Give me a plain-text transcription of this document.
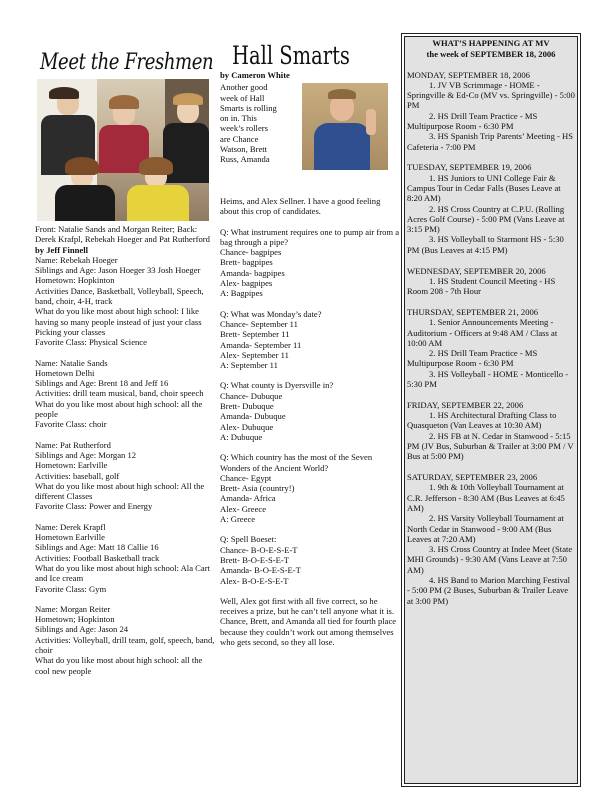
Meet the Freshmen

Front: Natalie Sands and Morgan Reiter; Back: Derek Krafpl, Rebekah Hoeger and Pat Rutherford

by Jeff Finnell

Name: Rebekah Hoeger

Siblings and Age: Jason Hoeger 33 Josh Hoeger

Hometown: Hopkinton

Activities Dance, Basketball, Volleyball, Speech, band, choir, 4-H, track

What do you like most about high school: I like having so many people instead of just your class

Picking your classes

Favorite Class: Physical Science

Name: Natalie Sands

Hometown Delhi

Siblings and Age: Brent 18 and Jeff 16

Activities: drill team musical, band, choir speech

What do you like most about high school: all the people

Favorite Class: choir

Name: Pat Rutherford

Siblings and Age: Morgan 12

Hometown: Earlville

Activities: baseball, golf

What do you like most about high school: All the different Classes

Favorite Class: Power and Energy

Name: Derek Krapfl

Hometown Earlville

Siblings and Age: Matt 18 Callie 16

Activities: Football Basketball track

What do you like most about high school: Ala Cart and Ice cream

Favorite Class: Gym

Name: Morgan Reiter

Hometown; Hopkinton

Siblings and Age: Jason 24

Activities: Volleyball, drill team, golf, speech, band, choir

What do you like most about high school: all the cool new people

Hall Smarts

by Cameron White

Another good

week of Hall

Smarts is rolling

on in. This

week’s rollers

are Chance

Watson, Brett

Russ, Amanda

Heims, and Alex Sellner. I have a good feeling about this crop of candidates.

Q: What instrument requires one to pump air from a bag through a pipe?

Chance- bagpipes

Brett- bagpipes

Amanda- bagpipes

Alex- bagpipes

A: Bagpipes

Q: What was Monday’s date?

Chance- September 11

Brett- September 11

Amanda- September 11

Alex- September 11

A: September 11

Q: What county is Dyersville in?

Chance- Dubuque

Brett- Dubuque

Amanda- Dubuque

Alex- Dubuque

A: Dubuque

Q: Which country has the most of the Seven Wonders of the Ancient World?

Chance- Egypt

Brett- Asia (country!)

Amanda- Africa

Alex- Greece

A: Greece

Q: Spell Boeset:

Chance- B-O-E-S-E-T

Brett- B-O-E-S-E-T

Amanda- B-O-E-S-E-T

Alex- B-O-E-S-E-T

Well, Alex got first with all five correct, so he receives a prize, but he can’t tell anyone what it is. Chance, Brett, and Amanda all tied for fourth place because they couldn’t work out among themselves who gets second, so they all lose.

WHAT’S HAPPENING AT MV
the week of SEPTEMBER 18, 2006

MONDAY, SEPTEMBER 18, 2006

1. JV VB Scrimmage - HOME - Springville & Ed-Co (MV vs. Springville) - 5:00 PM

2. HS Drill Team Practice - MS Multipurpose Room - 6:30 PM

3. HS Spanish Trip Parents’ Meeting - HS Cafeteria - 7:00 PM

TUESDAY, SEPTEMBER 19, 2006

1. HS Juniors to UNI College Fair & Campus Tour in Cedar Falls (Buses Leave at 8:20 AM)

2. HS Cross Country at C.P.U. (Rolling Acres Golf Course) - 5:00 PM (Vans Leave at 3:15 PM)

3. HS Volleyball to Starmont HS - 5:30 PM (Bus Leaves at 4:15 PM)

WEDNESDAY, SEPTEMBER 20, 2006

1. HS Student Council Meeting - HS Room 208 - 7th Hour

THURSDAY, SEPTEMBER 21, 2006

1. Senior Announcements Meeting - Auditorium - Officers at 9:48 AM / Class at 10:00 AM

2. HS Drill Team Practice - MS Multipurpose Room - 6:30 PM

3. HS Volleyball - HOME - Monticello - 5:30 PM

FRIDAY, SEPTEMBER 22, 2006

1. HS Architectural Drafting Class to Quasqueton (Van Leaves at 10:30 AM)

2. HS FB at N. Cedar in Stanwood - 5:15 PM (JV Bus, Suburban & Trailer at 3:00 PM / V Bus at 5:00 PM)

SATURDAY, SEPTEMBER 23, 2006

1. 9th & 10th Volleyball Tournament at C.R. Jefferson - 8:30 AM (Bus Leaves at 6:45 AM)

2. HS Varsity Volleyball Tournament at North Cedar in Stanwood - 9:00 AM (Bus Leaves at 7:20 AM)

3. HS Cross Country at Indee Meet (State MHI Grounds) - 9:30 AM (Vans Leave at 7:50 AM)

4. HS Band to Marion Marching Festival - 5:00 PM (2 Buses, Suburban & Trailer Leave at 3:00 PM)
